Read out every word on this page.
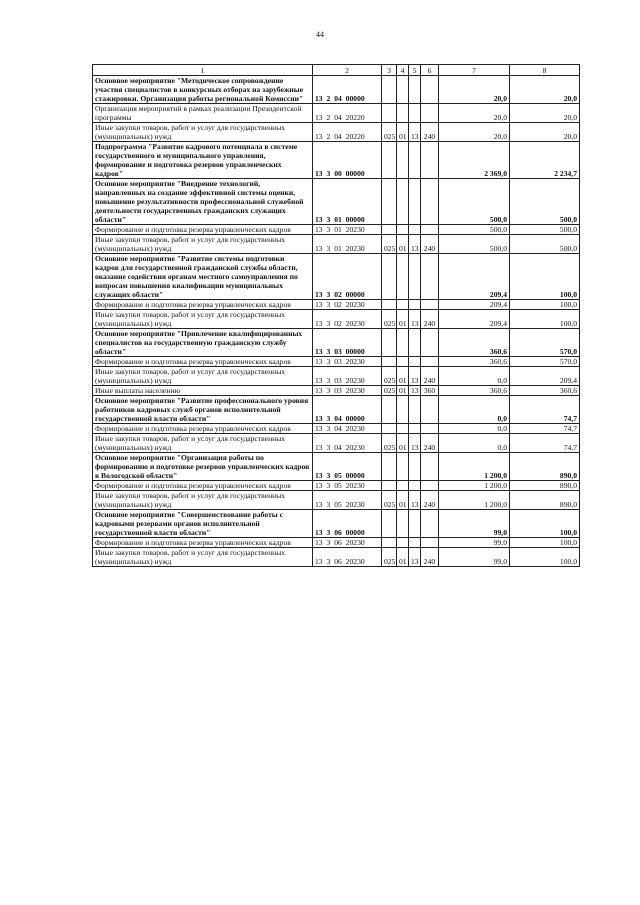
44
1	2	3	4	5	6	7	8
Основное мероприятие "Методическое сопровождение участия специалистов в конкурсных отборах на зарубежные стажировки. Организация работы региональной Комиссии"	13 2 04 00000					20,0	20,0
Организация мероприятий в рамках реализации Президентской программы	13 2 04 20220					20,0	20,0
Иные закупки товаров, работ и услуг для государственных (муниципальных) нужд	13 2 04 20220	025	01	13	240	20,0	20,0
Подпрограмма "Развитие кадрового потенциала в системе государственного и муниципального управления, формирование и подготовка резервов управленческих кадров"	13 3 00 00000					2 369,0	2 234,7
Основное мероприятие "Внедрение технологий, направленных на создание эффективной системы оценки, повышение результативности профессиональной служебной деятельности государственных гражданских служащих области"	13 3 01 00000					500,0	500,0
Формирование и подготовка резерва управленческих кадров	13 3 01 20230					500,0	500,0
Иные закупки товаров, работ и услуг для государственных (муниципальных) нужд	13 3 01 20230	025	01	13	240	500,0	500,0
Основное мероприятие "Развитие системы подготовки кадров для государственной гражданской службы области, оказание содействия органам местного самоуправления по вопросам повышения квалификации муниципальных служащих области"	13 3 02 00000					209,4	100,0
Формирование и подготовка резерва управленческих кадров	13 3 02 20230					209,4	100,0
Иные закупки товаров, работ и услуг для государственных (муниципальных) нужд	13 3 02 20230	025	01	13	240	209,4	100,0
Основное мероприятие "Привлечение квалифицированных специалистов на государственную гражданскую службу области"	13 3 03 00000					360,6	570,0
Формирование и подготовка резерва управленческих кадров	13 3 03 20230					360,6	570,0
Иные закупки товаров, работ и услуг для государственных (муниципальных) нужд	13 3 03 20230	025	01	13	240	0,0	209,4
Иные выплаты населению	13 3 03 20230	025	01	13	360	360,6	360,6
Основное мероприятие "Развитие профессионального уровня работников кадровых служб органов исполнительной государственной власти области"	13 3 04 00000					0,0	74,7
Формирование и подготовка резерва управленческих кадров	13 3 04 20230					0,0	74,7
Иные закупки товаров, работ и услуг для государственных (муниципальных) нужд	13 3 04 20230	025	01	13	240	0,0	74,7
Основное мероприятие "Организация работы по формированию и подготовке резервов управленческих кадров в Вологодской области"	13 3 05 00000					1 200,0	890,0
Формирование и подготовка резерва управленческих кадров	13 3 05 20230					1 200,0	890,0
Иные закупки товаров, работ и услуг для государственных (муниципальных) нужд	13 3 05 20230	025	01	13	240	1 200,0	890,0
Основное мероприятие "Совершенствование работы с кадровыми резервами органов исполнительной государственной власти области"	13 3 06 00000					99,0	100,0
Формирование и подготовка резерва управленческих кадров	13 3 06 20230					99,0	100,0
Иные закупки товаров, работ и услуг для государственных (муниципальных) нужд	13 3 06 20230	025	01	13	240	99,0	100,0
